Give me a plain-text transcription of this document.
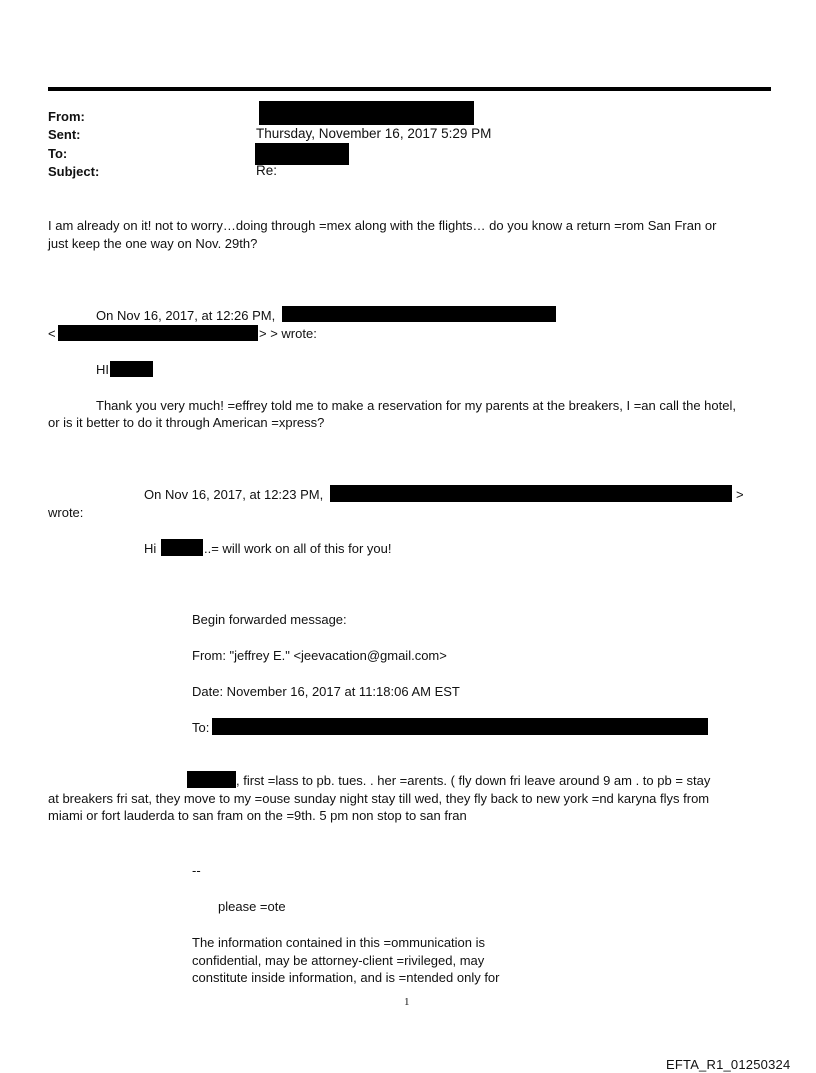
From:
Sent:	Thursday, November 16, 2017 5:29 PM
To:
Subject:	Re:
I am already on it! not to worry…doing through =mex along with the flights… do you know a return =rom San Fran or
just keep the one way on Nov. 29th?
On Nov 16, 2017, at 12:26 PM,
<	> > wrote:
HI
Thank you very much! =effrey told me to make a reservation for my parents at the breakers, I =an call the hotel,
or is it better to do it through American =xpress?
On Nov 16, 2017, at 12:23 PM,	>
wrote:
Hi	..= will work on all of this for you!
Begin forwarded message:
From: "jeffrey E." <jeevacation@gmail.com>
Date: November 16, 2017 at 11:18:06 AM EST
To:
, first =lass to pb. tues. . her =arents. ( fly down fri leave around 9 am . to pb = stay
at breakers fri sat, they move to my =ouse sunday night stay till wed, they fly back to new york =nd karyna flys from
miami or fort lauderda to san fram on the =9th. 5 pm non stop to san fran
--
please =ote
The information contained in this =ommunication is
confidential, may be attorney-client =rivileged, may
constitute inside information, and is =ntended only for
1
EFTA_R1_01250324
